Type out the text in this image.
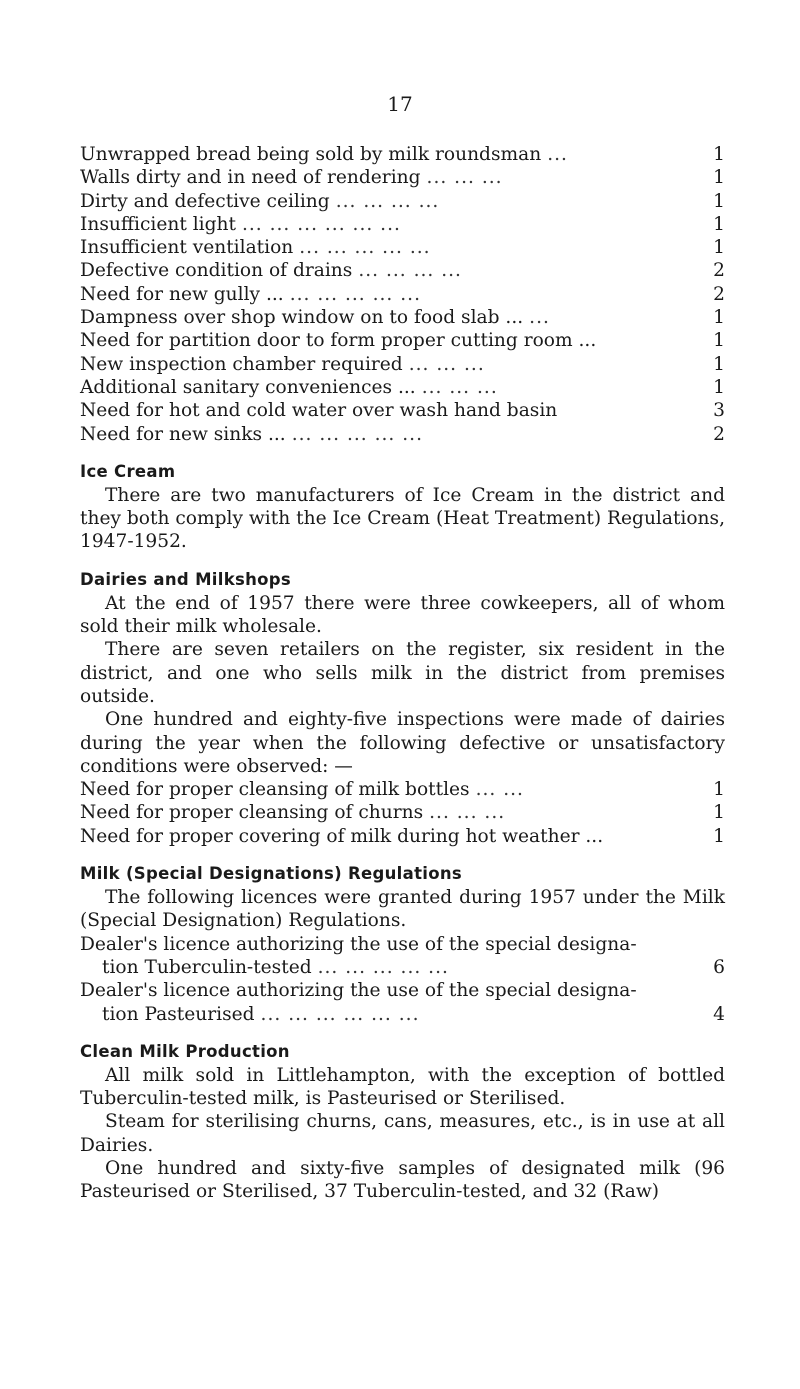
17
Unwrapped bread being sold by milk roundsman ...	1
Walls dirty and in need of rendering ... ... ...	1
Dirty and defective ceiling ... ... ... ...	1
Insufficient light ... ... ... ... ... ...	1
Insufficient ventilation ... ... ... ... ...	1
Defective condition of drains ... ... ... ...	2
Need for new gully ... ... ... ... ... ...	2
Dampness over shop window on to food slab ... ...	1
Need for partition door to form proper cutting room ...	1
New inspection chamber required ... ... ...	1
Additional sanitary conveniences ... ... ... ...	1
Need for hot and cold water over wash hand basin	3
Need for new sinks ... ... ... ... ... ...	2
Ice Cream

There are two manufacturers of Ice Cream in the district and they both comply with the Ice Cream (Heat Treatment) Regulations, 1947-1952.

Dairies and Milkshops

At the end of 1957 there were three cowkeepers, all of whom sold their milk wholesale.

There are seven retailers on the register, six resident in the district, and one who sells milk in the district from premises outside.

One hundred and eighty-five inspections were made of dairies during the year when the following defective or unsatisfactory conditions were observed: —

Need for proper cleansing of milk bottles ... ...	1
Need for proper cleansing of churns ... ... ...	1
Need for proper covering of milk during hot weather ...	1
Milk (Special Designations) Regulations

The following licences were granted during 1957 under the Milk (Special Designation) Regulations.

Dealer's licence authorizing the use of the special designa-
tion Tuberculin-tested ... ... ... ... ...	6
Dealer's licence authorizing the use of the special designa-
tion Pasteurised ... ... ... ... ... ...	4
Clean Milk Production

All milk sold in Littlehampton, with the exception of bottled Tuberculin-tested milk, is Pasteurised or Sterilised.

Steam for sterilising churns, cans, measures, etc., is in use at all Dairies.

One hundred and sixty-five samples of designated milk (96 Pasteurised or Sterilised, 37 Tuberculin-tested, and 32 (Raw)
